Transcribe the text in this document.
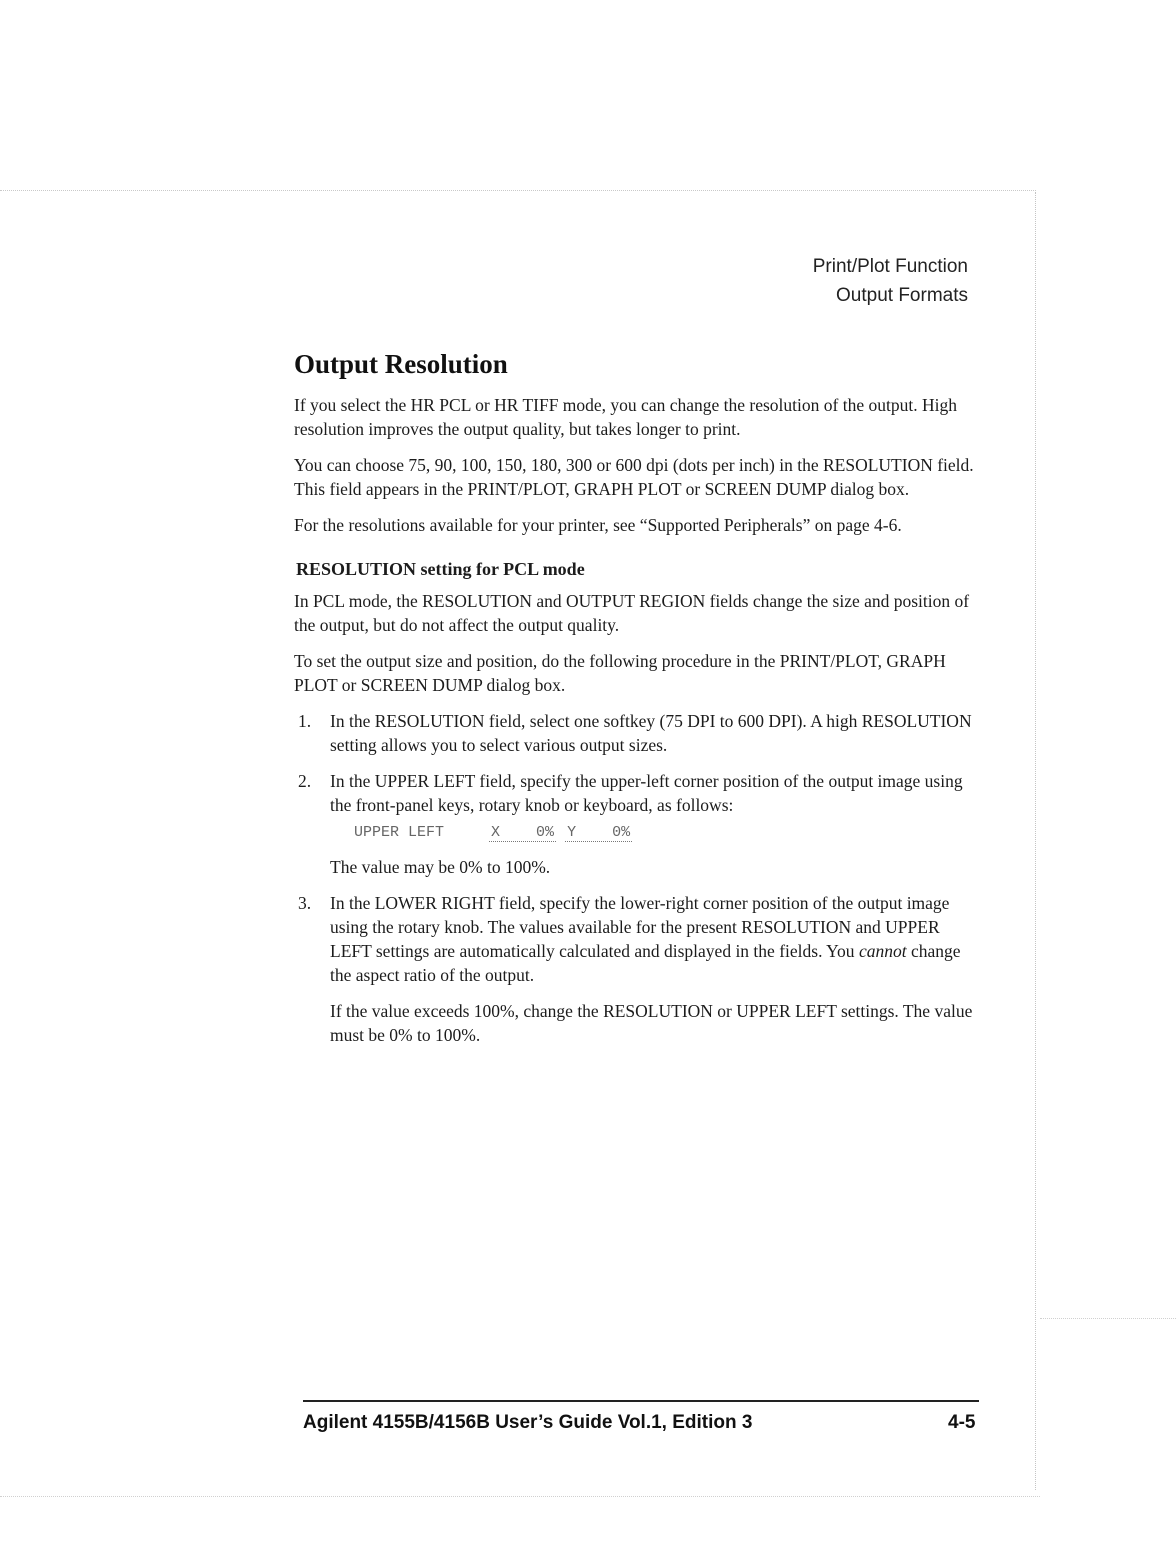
Print/Plot Function
Output Formats
Output Resolution

If you select the HR PCL or HR TIFF mode, you can change the resolution of the output. High resolution improves the output quality, but takes longer to print.

You can choose 75, 90, 100, 150, 180, 300 or 600 dpi (dots per inch) in the RESOLUTION field. This field appears in the PRINT/PLOT, GRAPH PLOT or SCREEN DUMP dialog box.

For the resolutions available for your printer, see “Supported Peripherals” on page 4-6.

RESOLUTION setting for PCL mode

In PCL mode, the RESOLUTION and OUTPUT REGION fields change the size and position of the output, but do not affect the output quality.

To set the output size and position, do the following procedure in the PRINT/PLOT, GRAPH PLOT or SCREEN DUMP dialog box.

1. In the RESOLUTION field, select one softkey (75 DPI to 600 DPI). A high RESOLUTION setting allows you to select various output sizes.
2. In the UPPER LEFT field, specify the upper-left corner position of the output image using the front-panel keys, rotary knob or keyboard, as follows:
UPPER LEFT	X    0% Y    0%
The value may be 0% to 100%.
3. In the LOWER RIGHT field, specify the lower-right corner position of the output image using the rotary knob. The values available for the present RESOLUTION and UPPER LEFT settings are automatically calculated and displayed in the fields. You cannot change the aspect ratio of the output.

If the value exceeds 100%, change the RESOLUTION or UPPER LEFT settings. The value must be 0% to 100%.

Agilent 4155B/4156B User’s Guide Vol.1, Edition 3	4-5
